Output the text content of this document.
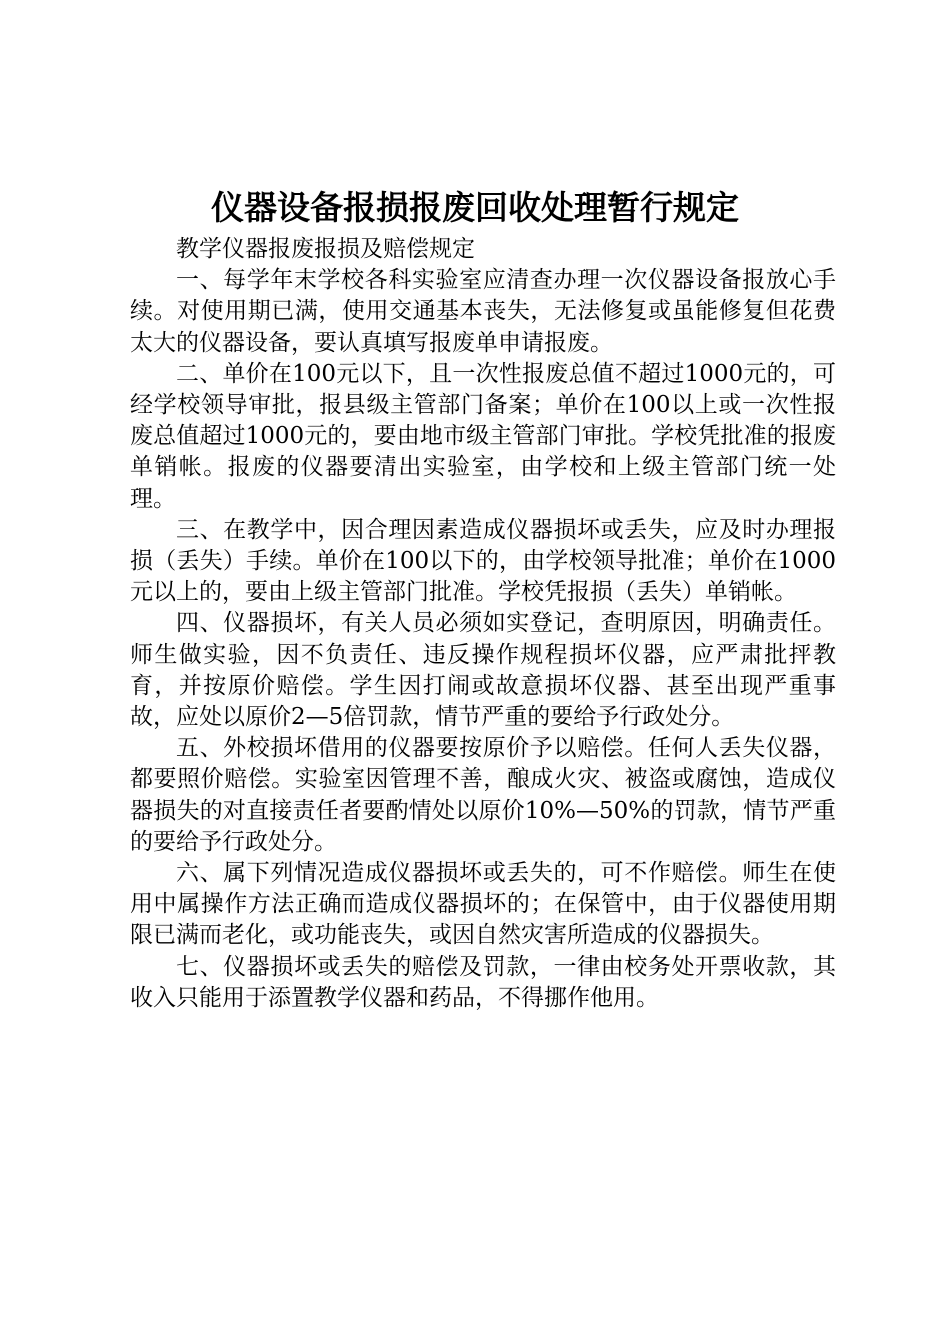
仪器设备报损报废回收处理暂行规定

教学仪器报废报损及赔偿规定

一、每学年末学校各科实验室应清查办理一次仪器设备报放心手续。对使用期已满，使用交通基本丧失，无法修复或虽能修复但花费太大的仪器设备，要认真填写报废单申请报废。

二、单价在100元以下，且一次性报废总值不超过1000元的，可经学校领导审批，报县级主管部门备案；单价在100以上或一次性报废总值超过1000元的，要由地市级主管部门审批。学校凭批准的报废单销帐。报废的仪器要清出实验室，由学校和上级主管部门统一处理。

三、在教学中，因合理因素造成仪器损坏或丢失，应及时办理报损（丢失）手续。单价在100以下的，由学校领导批准；单价在1000元以上的，要由上级主管部门批准。学校凭报损（丢失）单销帐。

四、仪器损坏，有关人员必须如实登记，查明原因，明确责任。师生做实验，因不负责任、违反操作规程损坏仪器，应严肃批抨教育，并按原价赔偿。学生因打闹或故意损坏仪器、甚至出现严重事故，应处以原价2—5倍罚款，情节严重的要给予行政处分。

五、外校损坏借用的仪器要按原价予以赔偿。任何人丢失仪器，都要照价赔偿。实验室因管理不善，酿成火灾、被盗或腐蚀，造成仪器损失的对直接责任者要酌情处以原价10%—50%的罚款，情节严重的要给予行政处分。

六、属下列情况造成仪器损坏或丢失的，可不作赔偿。师生在使用中属操作方法正确而造成仪器损坏的；在保管中，由于仪器使用期限已满而老化，或功能丧失，或因自然灾害所造成的仪器损失。

七、仪器损坏或丢失的赔偿及罚款，一律由校务处开票收款，其收入只能用于添置教学仪器和药品，不得挪作他用。
